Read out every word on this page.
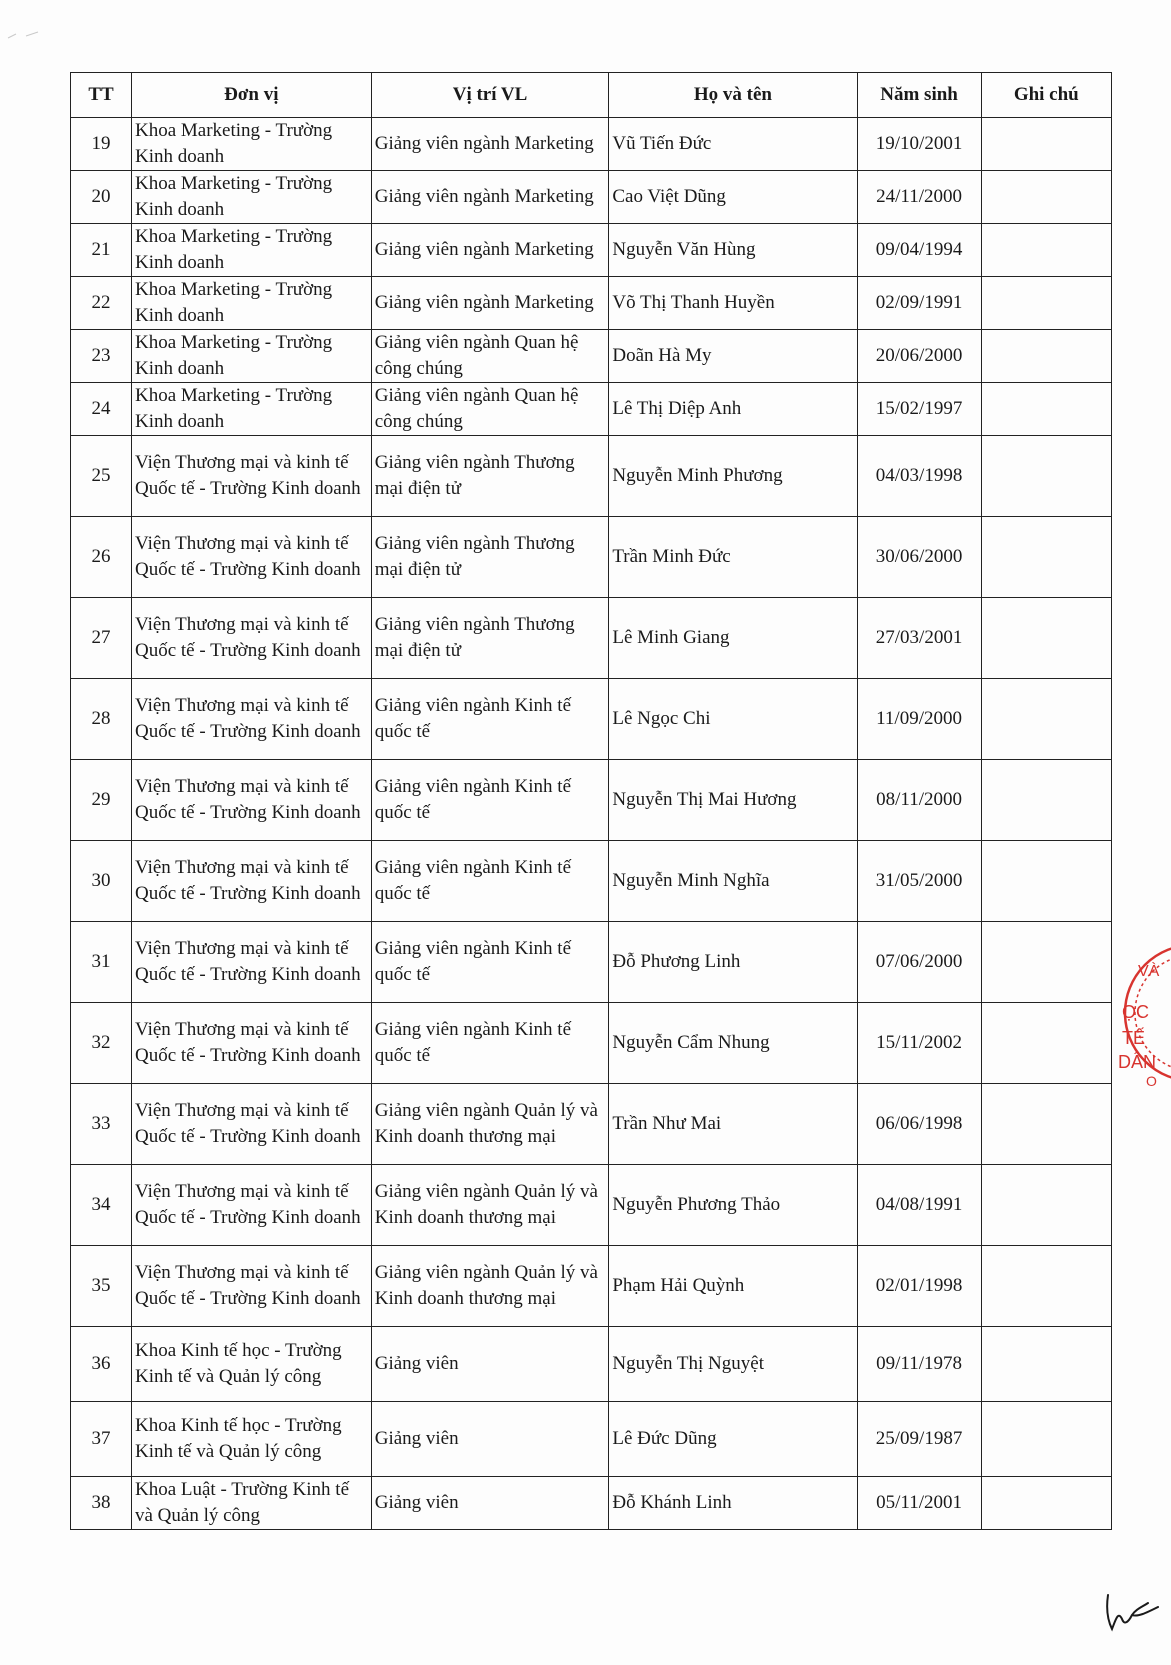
TT	Đơn vị	Vị trí VL	Họ và tên	Năm sinh	Ghi chú
19	Khoa Marketing - Trường Kinh doanh	Giảng viên ngành Marketing	Vũ Tiến Đức	19/10/2001	
20	Khoa Marketing - Trường Kinh doanh	Giảng viên ngành Marketing	Cao Việt Dũng	24/11/2000	
21	Khoa Marketing - Trường Kinh doanh	Giảng viên ngành Marketing	Nguyễn Văn Hùng	09/04/1994	
22	Khoa Marketing - Trường Kinh doanh	Giảng viên ngành Marketing	Võ Thị Thanh Huyền	02/09/1991	
23	Khoa Marketing - Trường Kinh doanh	Giảng viên ngành Quan hệ công chúng	Doãn Hà My	20/06/2000	
24	Khoa Marketing - Trường Kinh doanh	Giảng viên ngành Quan hệ công chúng	Lê Thị Diệp Anh	15/02/1997	
25	Viện Thương mại và kinh tế Quốc tế - Trường Kinh doanh	Giảng viên ngành Thương mại điện tử	Nguyễn Minh Phương	04/03/1998	
26	Viện Thương mại và kinh tế Quốc tế - Trường Kinh doanh	Giảng viên ngành Thương mại điện tử	Trần Minh Đức	30/06/2000	
27	Viện Thương mại và kinh tế Quốc tế - Trường Kinh doanh	Giảng viên ngành Thương mại điện tử	Lê Minh Giang	27/03/2001	
28	Viện Thương mại và kinh tế Quốc tế - Trường Kinh doanh	Giảng viên ngành Kinh tế quốc tế	Lê Ngọc Chi	11/09/2000	
29	Viện Thương mại và kinh tế Quốc tế - Trường Kinh doanh	Giảng viên ngành Kinh tế quốc tế	Nguyễn Thị Mai Hương	08/11/2000	
30	Viện Thương mại và kinh tế Quốc tế - Trường Kinh doanh	Giảng viên ngành Kinh tế quốc tế	Nguyễn Minh Nghĩa	31/05/2000	
31	Viện Thương mại và kinh tế Quốc tế - Trường Kinh doanh	Giảng viên ngành Kinh tế quốc tế	Đỗ Phương Linh	07/06/2000	
32	Viện Thương mại và kinh tế Quốc tế - Trường Kinh doanh	Giảng viên ngành Kinh tế quốc tế	Nguyễn Cẩm Nhung	15/11/2002	
33	Viện Thương mại và kinh tế Quốc tế - Trường Kinh doanh	Giảng viên ngành Quản lý và Kinh doanh thương mại	Trần Như Mai	06/06/1998	
34	Viện Thương mại và kinh tế Quốc tế - Trường Kinh doanh	Giảng viên ngành Quản lý và Kinh doanh thương mại	Nguyễn Phương Thảo	04/08/1991	
35	Viện Thương mại và kinh tế Quốc tế - Trường Kinh doanh	Giảng viên ngành Quản lý và Kinh doanh thương mại	Phạm Hải Quỳnh	02/01/1998	
36	Khoa Kinh tế học - Trường Kinh tế và Quản lý công	Giảng viên	Nguyễn Thị Nguyệt	09/11/1978	
37	Khoa Kinh tế học - Trường Kinh tế và Quản lý công	Giảng viên	Lê Đức Dũng	25/09/1987	
38	Khoa Luật - Trường Kinh tế và Quản lý công	Giảng viên	Đỗ Khánh Linh	05/11/2001	
VÀ
ỌC
TẾ
DÂN
O
